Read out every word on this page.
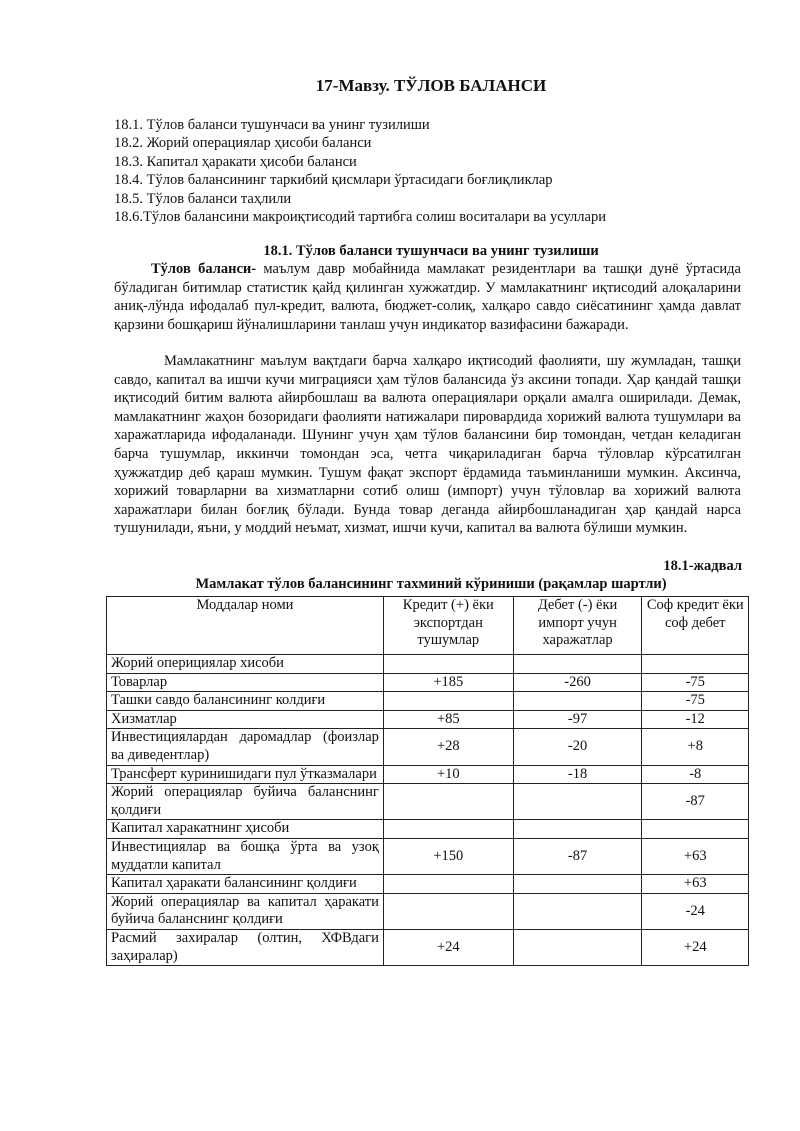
17-Мавзу. ТЎЛОВ БАЛАНСИ
18.1. Тўлов баланси тушунчаси ва унинг тузилиши
18.2. Жорий операциялар ҳисоби баланси
18.3. Капитал ҳаракати ҳисоби баланси
18.4. Тўлов балансининг таркибий қисмлари ўртасидаги боғлиқликлар
18.5. Тўлов баланси таҳлили
18.6.Тўлов балансини макроиқтисодий тартибга солиш воситалари ва усуллари
18.1. Тўлов баланси тушунчаси ва унинг тузилиши

Тўлов баланси- маълум давр мобайнида мамлакат резидентлари ва ташқи дунё ўртасида бўладиган битимлар статистик қайд қилинган хужжатдир. У мамлакатнинг иқтисодий алоқаларини аниқ-лўнда ифодалаб пул-кредит, валюта, бюджет-солиқ, халқаро савдо сиёсатининг ҳамда давлат қарзини бошқариш йўналишларини танлаш учун индикатор вазифасини бажаради.

Мамлакатнинг маълум вақтдаги барча халқаро иқтисодий фаолияти, шу жумладан, ташқи савдо, капитал ва ишчи кучи миграцияси ҳам тўлов балансида ўз аксини топади. Ҳар қандай ташқи иқтисодий битим валюта айирбошлаш ва валюта операциялари орқали амалга оширилади. Демак, мамлакатнинг жаҳон бозоридаги фаолияти натижалари пировардида хорижий валюта тушумлари ва харажатларида ифодаланади. Шунинг учун ҳам тўлов балансини бир томондан, четдан келадиган барча тушумлар, иккинчи томондан эса, четга чиқариладиган барча тўловлар кўрсатилган ҳужжатдир деб қараш мумкин. Тушум фақат экспорт ёрдамида таъминланиши мумкин. Аксинча, хорижий товарларни ва хизматларни сотиб олиш (импорт) учун тўловлар ва хорижий валюта харажатлари билан боғлиқ бўлади. Бунда товар деганда айирбошланадиган ҳар қандай нарса тушунилади, яъни, у моддий неъмат, хизмат, ишчи кучи, капитал ва валюта бўлиши мумкин.

18.1-жадвал
Мамлакат тўлов балансининг тахминий кўриниши (рақамлар шартли)
Моддалар номи	Кредит (+) ёки экспортдан тушумлар	Дебет (-) ёки импорт учун харажатлар	Соф кредит ёки соф дебет
Жорий оперициялар хисоби			
Товарлар	+185	-260	-75
Ташки савдо балансининг колдиғи			-75
Хизматлар	+85	-97	-12
Инвестициялардан даромадлар (фоизлар ва диведентлар)	+28	-20	+8
Трансферт куринишидаги пул ўтказмалари	+10	-18	-8
Жорий операциялар буйича баланснинг қолдиғи			-87
Капитал харакатнинг ҳисоби			
Инвестициялар ва бошқа ўрта ва узоқ муддатли капитал	+150	-87	+63
Капитал ҳаракати балансининг қолдиғи			+63
Жорий операциялар ва капитал ҳаракати буйича баланснинг қолдиғи			-24
Расмий захиралар (олтин, ХФВдаги заҳиралар)	+24		+24
